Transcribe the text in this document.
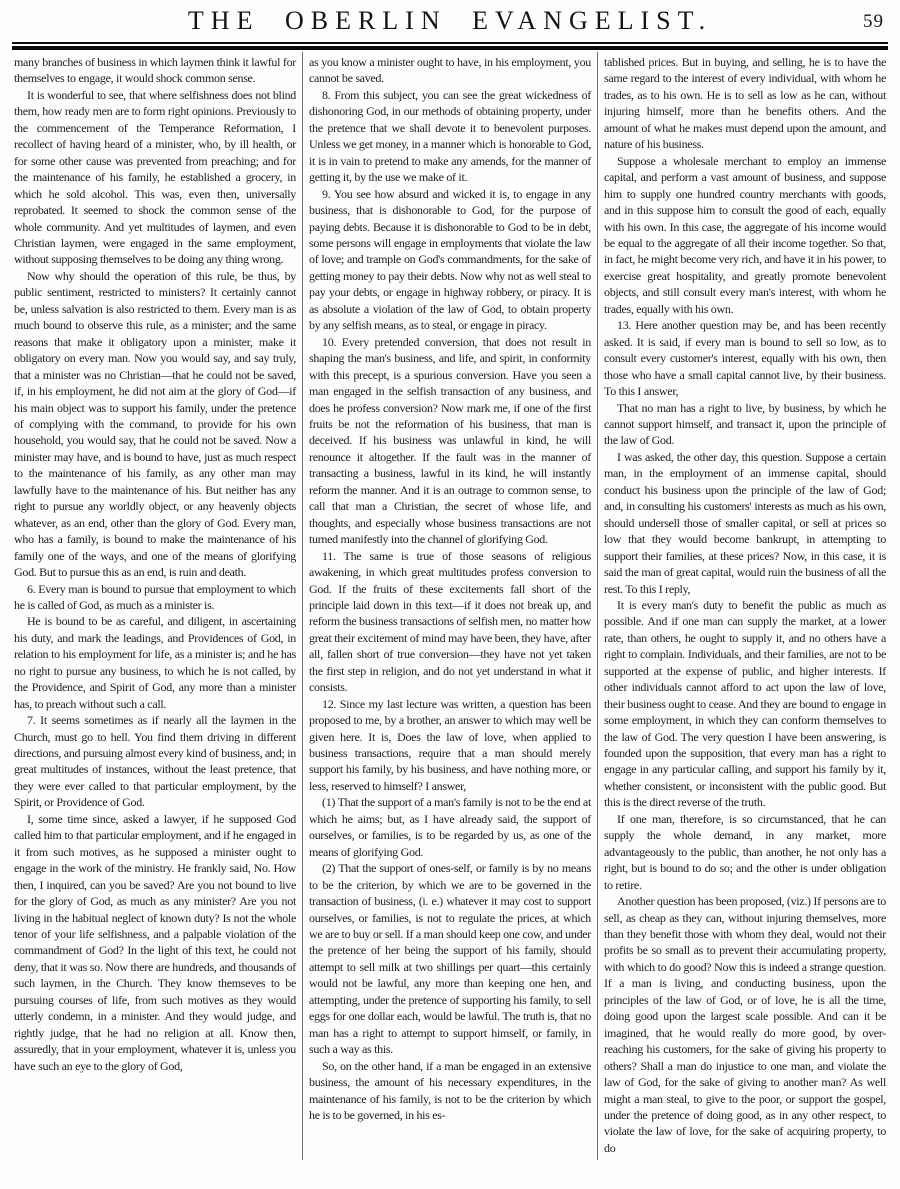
THE OBERLIN EVANGELIST.	59

many branches of business in which laymen think it lawful for themselves to engage, it would shock common sense.

It is wonderful to see, that where selfishness does not blind them, how ready men are to form right opinions. Previously to the commencement of the Temperance Reformation, I recollect of having heard of a minister, who, by ill health, or for some other cause was prevented from preaching; and for the maintenance of his family, he established a grocery, in which he sold alcohol. This was, even then, universally reprobated. It seemed to shock the common sense of the whole community. And yet multitudes of laymen, and even Christian laymen, were engaged in the same employment, without supposing themselves to be doing any thing wrong.

Now why should the operation of this rule, be thus, by public sentiment, restricted to ministers? It certainly cannot be, unless salvation is also restricted to them. Every man is as much bound to observe this rule, as a minister; and the same reasons that make it obligatory upon a minister, make it obligatory on every man. Now you would say, and say truly, that a minister was no Christian—that he could not be saved, if, in his employment, he did not aim at the glory of God—if his main object was to support his family, under the pretence of complying with the command, to provide for his own household, you would say, that he could not be saved. Now a minister may have, and is bound to have, just as much respect to the maintenance of his family, as any other man may lawfully have to the maintenance of his. But neither has any right to pursue any worldly object, or any heavenly objects whatever, as an end, other than the glory of God. Every man, who has a family, is bound to make the maintenance of his family one of the ways, and one of the means of glorifying God. But to pursue this as an end, is ruin and death.

6. Every man is bound to pursue that employment to which he is called of God, as much as a minister is.

He is bound to be as careful, and diligent, in ascertaining his duty, and mark the leadings, and Providences of God, in relation to his employment for life, as a minister is; and he has no right to pursue any business, to which he is not called, by the Providence, and Spirit of God, any more than a minister has, to preach without such a call.

7. It seems sometimes as if nearly all the laymen in the Church, must go to hell. You find them driving in different directions, and pursuing almost every kind of business, and; in great multitudes of instances, without the least pretence, that they were ever called to that particular employment, by the Spirit, or Providence of God.

I, some time since, asked a lawyer, if he supposed God called him to that particular employment, and if he engaged in it from such motives, as he supposed a minister ought to engage in the work of the ministry. He frankly said, No. How then, I inquired, can you be saved? Are you not bound to live for the glory of God, as much as any minister? Are you not living in the habitual neglect of known duty? Is not the whole tenor of your life selfishness, and a palpable violation of the commandment of God? In the light of this text, he could not deny, that it was so. Now there are hundreds, and thousands of such laymen, in the Church. They know themseves to be pursuing courses of life, from such motives as they would utterly condemn, in a minister. And they would judge, and rightly judge, that he had no religion at all. Know then, assuredly, that in your employment, whatever it is, unless you have such an eye to the glory of God,

as you know a minister ought to have, in his employment, you cannot be saved.

8. From this subject, you can see the great wickedness of dishonoring God, in our methods of obtaining property, under the pretence that we shall devote it to benevolent purposes. Unless we get money, in a manner which is honorable to God, it is in vain to pretend to make any amends, for the manner of getting it, by the use we make of it.

9. You see how absurd and wicked it is, to engage in any business, that is dishonorable to God, for the purpose of paying debts. Because it is dishonorable to God to be in debt, some persons will engage in employments that violate the law of love; and trample on God's commandments, for the sake of getting money to pay their debts. Now why not as well steal to pay your debts, or engage in highway robbery, or piracy. It is as absolute a violation of the law of God, to obtain property by any selfish means, as to steal, or engage in piracy.

10. Every pretended conversion, that does not result in shaping the man's business, and life, and spirit, in conformity with this precept, is a spurious conversion. Have you seen a man engaged in the selfish transaction of any business, and does he profess conversion? Now mark me, if one of the first fruits be not the reformation of his business, that man is deceived. If his business was unlawful in kind, he will renounce it altogether. If the fault was in the manner of transacting a business, lawful in its kind, he will instantly reform the manner. And it is an outrage to common sense, to call that man a Christian, the secret of whose life, and thoughts, and especially whose business transactions are not turned manifestly into the channel of glorifying God.

11. The same is true of those seasons of religious awakening, in which great multitudes profess conversion to God. If the fruits of these excitements fall short of the principle laid down in this text—if it does not break up, and reform the business transactions of selfish men, no matter how great their excitement of mind may have been, they have, after all, fallen short of true conversion—they have not yet taken the first step in religion, and do not yet understand in what it consists.

12. Since my last lecture was written, a question has been proposed to me, by a brother, an answer to which may well be given here. It is, Does the law of love, when applied to business transactions, require that a man should merely support his family, by his business, and have nothing more, or less, reserved to himself? I answer,

(1) That the support of a man's family is not to be the end at which he aims; but, as I have already said, the support of ourselves, or families, is to be regarded by us, as one of the means of glorifying God.

(2) That the support of ones-self, or family is by no means to be the criterion, by which we are to be governed in the transaction of business, (i. e.) whatever it may cost to support ourselves, or families, is not to regulate the prices, at which we are to buy or sell. If a man should keep one cow, and under the pretence of her being the support of his family, should attempt to sell milk at two shillings per quart—this certainly would not be lawful, any more than keeping one hen, and attempting, under the pretence of supporting his family, to sell eggs for one dollar each, would be lawful. The truth is, that no man has a right to attempt to support himself, or family, in such a way as this.

So, on the other hand, if a man be engaged in an extensive business, the amount of his necessary expenditures, in the maintenance of his family, is not to be the criterion by which he is to be governed, in his es-

tablished prices. But in buying, and selling, he is to have the same regard to the interest of every individual, with whom he trades, as to his own. He is to sell as low as he can, without injuring himself, more than he benefits others. And the amount of what he makes must depend upon the amount, and nature of his business.

Suppose a wholesale merchant to employ an immense capital, and perform a vast amount of business, and suppose him to supply one hundred country merchants with goods, and in this suppose him to consult the good of each, equally with his own. In this case, the aggregate of his income would be equal to the aggregate of all their income together. So that, in fact, he might become very rich, and have it in his power, to exercise great hospitality, and greatly promote benevolent objects, and still consult every man's interest, with whom he trades, equally with his own.

13. Here another question may be, and has been recently asked. It is said, if every man is bound to sell so low, as to consult every customer's interest, equally with his own, then those who have a small capital cannot live, by their business. To this I answer,

That no man has a right to live, by business, by which he cannot support himself, and transact it, upon the principle of the law of God.

I was asked, the other day, this question. Suppose a certain man, in the employment of an immense capital, should conduct his business upon the principle of the law of God; and, in consulting his customers' interests as much as his own, should undersell those of smaller capital, or sell at prices so low that they would become bankrupt, in attempting to support their families, at these prices? Now, in this case, it is said the man of great capital, would ruin the business of all the rest. To this I reply,

It is every man's duty to benefit the public as much as possible. And if one man can supply the market, at a lower rate, than others, he ought to supply it, and no others have a right to complain. Individuals, and their families, are not to be supported at the expense of public, and higher interests. If other individuals cannot afford to act upon the law of love, their business ought to cease. And they are bound to engage in some employment, in which they can conform themselves to the law of God. The very question I have been answering, is founded upon the supposition, that every man has a right to engage in any particular calling, and support his family by it, whether consistent, or inconsistent with the public good. But this is the direct reverse of the truth.

If one man, therefore, is so circumstanced, that he can supply the whole demand, in any market, more advantageously to the public, than another, he not only has a right, but is bound to do so; and the other is under obligation to retire.

Another question has been proposed, (viz.) If persons are to sell, as cheap as they can, without injuring themselves, more than they benefit those with whom they deal, would not their profits be so small as to prevent their accumulating property, with which to do good? Now this is indeed a strange question. If a man is living, and conducting business, upon the principles of the law of God, or of love, he is all the time, doing good upon the largest scale possible. And can it be imagined, that he would really do more good, by over-reaching his customers, for the sake of giving his property to others? Shall a man do injustice to one man, and violate the law of God, for the sake of giving to another man? As well might a man steal, to give to the poor, or support the gospel, under the pretence of doing good, as in any other respect, to violate the law of love, for the sake of acquiring property, to do
